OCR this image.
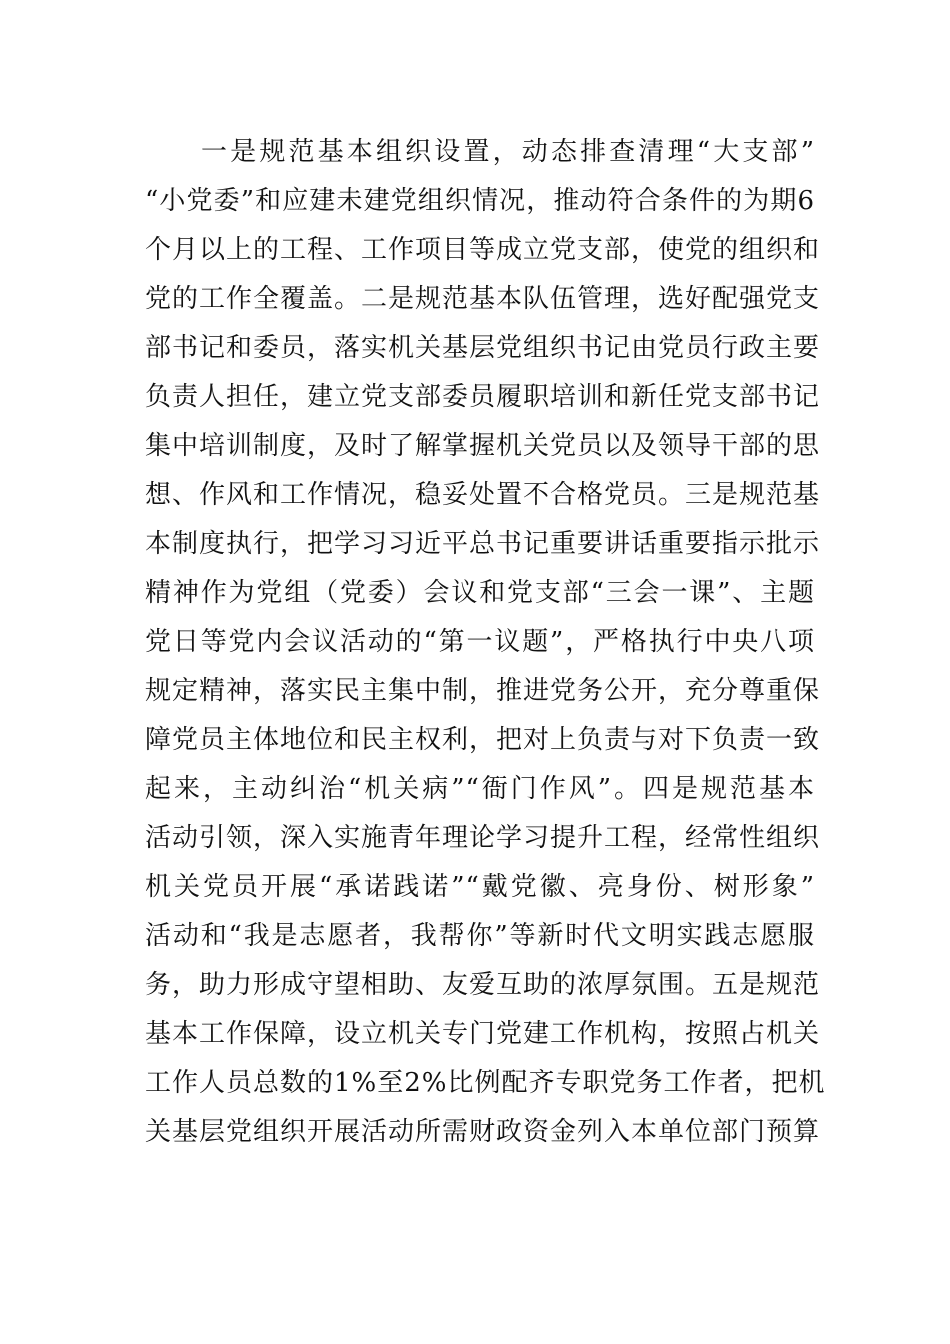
一是规范基本组织设置，动态排查清理“大支部”
“小党委”和应建未建党组织情况，推动符合条件的为期6
个月以上的工程、工作项目等成立党支部，使党的组织和
党的工作全覆盖。二是规范基本队伍管理，选好配强党支
部书记和委员，落实机关基层党组织书记由党员行政主要
负责人担任，建立党支部委员履职培训和新任党支部书记
集中培训制度，及时了解掌握机关党员以及领导干部的思
想、作风和工作情况，稳妥处置不合格党员。三是规范基
本制度执行，把学习习近平总书记重要讲话重要指示批示
精神作为党组（党委）会议和党支部“三会一课”、主题
党日等党内会议活动的“第一议题”，严格执行中央八项
规定精神，落实民主集中制，推进党务公开，充分尊重保
障党员主体地位和民主权利，把对上负责与对下负责一致
起来，主动纠治“机关病”“衙门作风”。四是规范基本
活动引领，深入实施青年理论学习提升工程，经常性组织
机关党员开展“承诺践诺”“戴党徽、亮身份、树形象”
活动和“我是志愿者，我帮你”等新时代文明实践志愿服
务，助力形成守望相助、友爱互助的浓厚氛围。五是规范
基本工作保障，设立机关专门党建工作机构，按照占机关
工作人员总数的1%至2%比例配齐专职党务工作者，把机
关基层党组织开展活动所需财政资金列入本单位部门预算
